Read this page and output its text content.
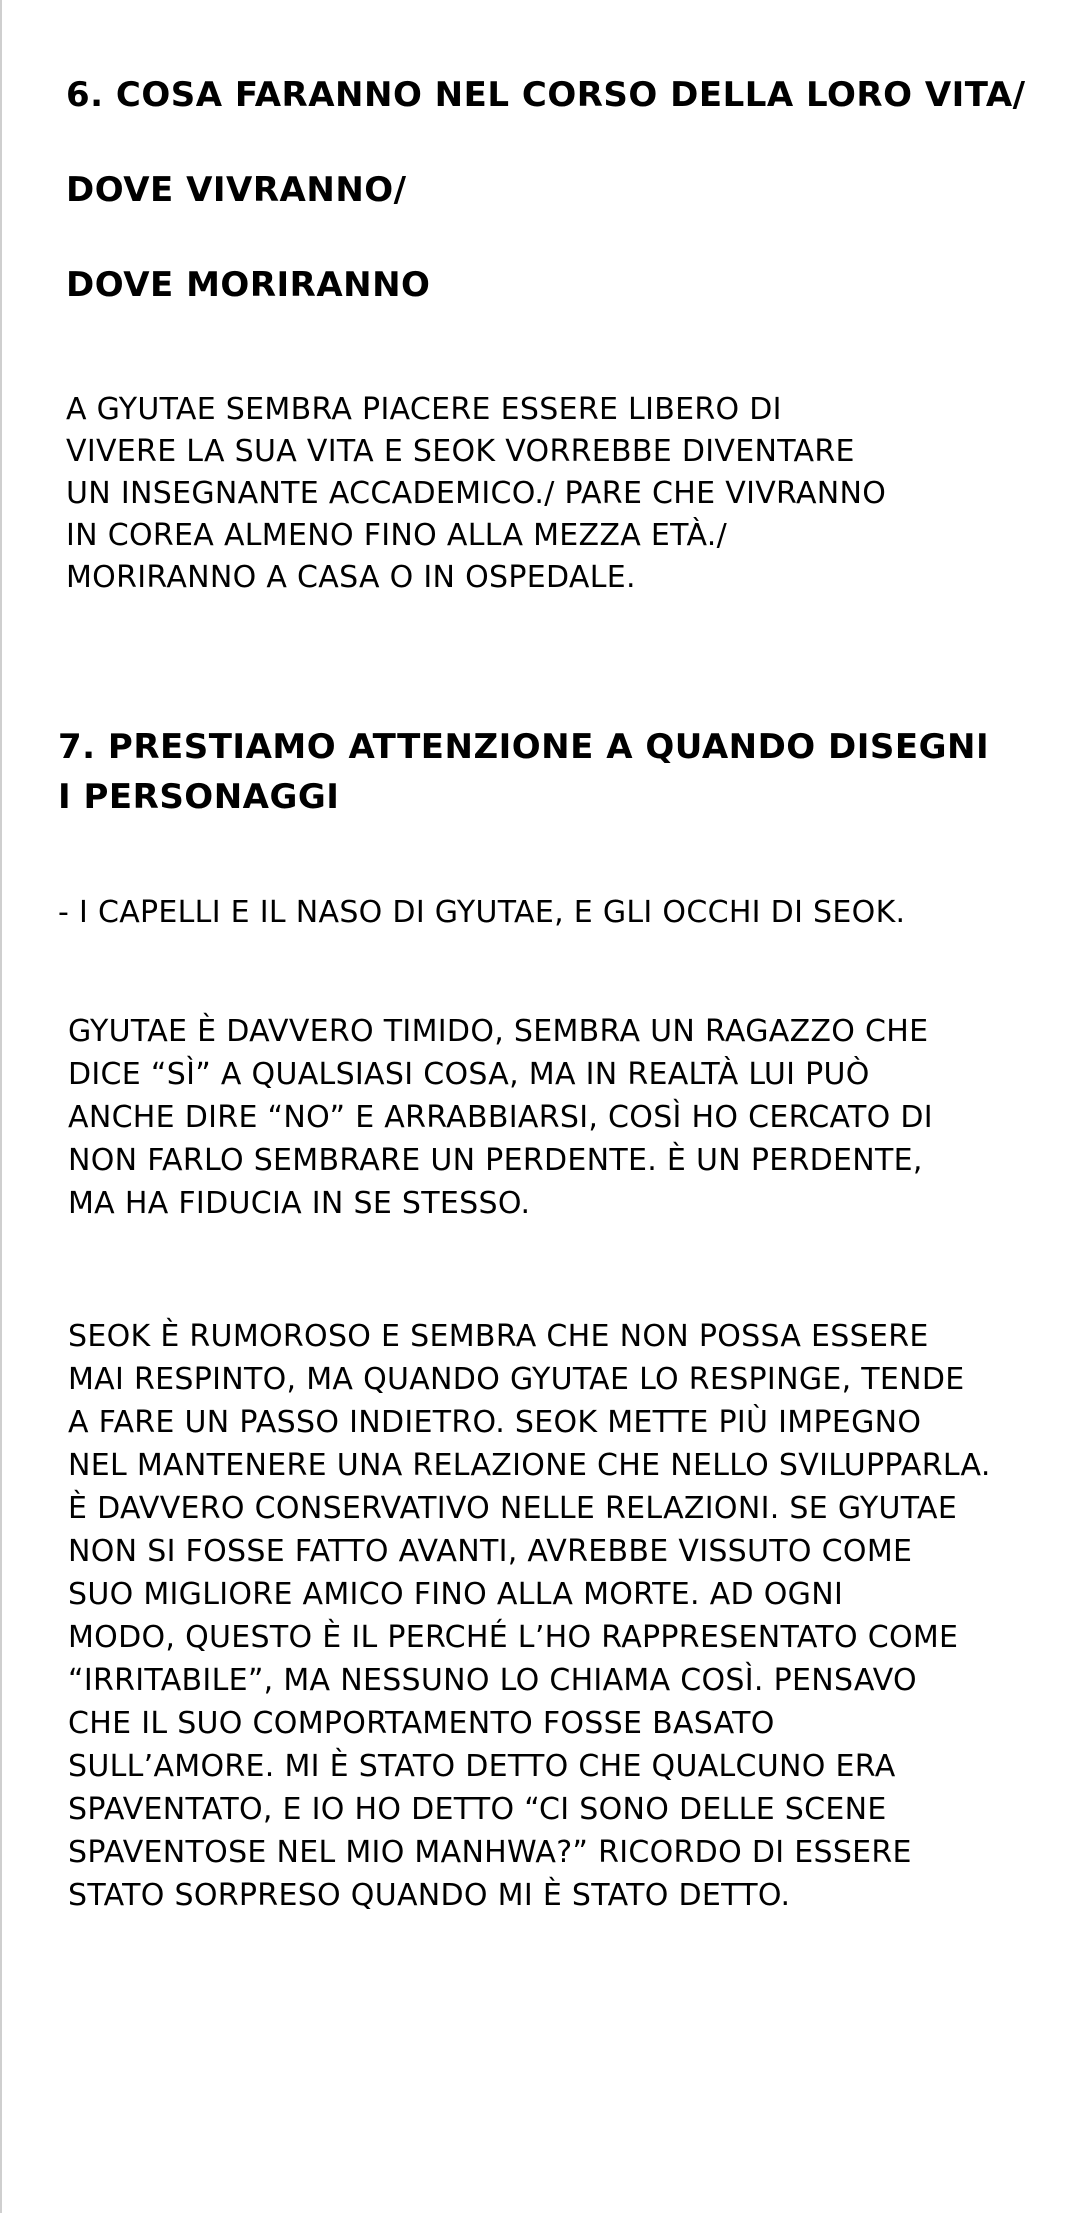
6. COSA FARANNO NEL CORSO DELLA LORO VITA/
DOVE VIVRANNO/
DOVE MORIRANNO
A GYUTAE SEMBRA PIACERE ESSERE LIBERO DI
VIVERE LA SUA VITA E SEOK VORREBBE DIVENTARE
UN INSEGNANTE ACCADEMICO./ PARE CHE VIVRANNO
IN COREA ALMENO FINO ALLA MEZZA ETÀ./
MORIRANNO A CASA O IN OSPEDALE.
7. PRESTIAMO ATTENZIONE A QUANDO DISEGNI
I PERSONAGGI
- I CAPELLI E IL NASO DI GYUTAE, E GLI OCCHI DI SEOK.
GYUTAE È DAVVERO TIMIDO, SEMBRA UN RAGAZZO CHE
DICE “SÌ” A QUALSIASI COSA, MA IN REALTÀ LUI PUÒ
ANCHE DIRE “NO” E ARRABBIARSI, COSÌ HO CERCATO DI
NON FARLO SEMBRARE UN PERDENTE. È UN PERDENTE,
MA HA FIDUCIA IN SE STESSO.
SEOK È RUMOROSO E SEMBRA CHE NON POSSA ESSERE
MAI RESPINTO, MA QUANDO GYUTAE LO RESPINGE, TENDE
A FARE UN PASSO INDIETRO. SEOK METTE PIÙ IMPEGNO
NEL MANTENERE UNA RELAZIONE CHE NELLO SVILUPPARLA.
È DAVVERO CONSERVATIVO NELLE RELAZIONI. SE GYUTAE
NON SI FOSSE FATTO AVANTI, AVREBBE VISSUTO COME
SUO MIGLIORE AMICO FINO ALLA MORTE. AD OGNI
MODO, QUESTO È IL PERCHÉ L’HO RAPPRESENTATO COME
“IRRITABILE”, MA NESSUNO LO CHIAMA COSÌ. PENSAVO
CHE IL SUO COMPORTAMENTO FOSSE BASATO
SULL’AMORE. MI È STATO DETTO CHE QUALCUNO ERA
SPAVENTATO, E IO HO DETTO “CI SONO DELLE SCENE
SPAVENTOSE NEL MIO MANHWA?” RICORDO DI ESSERE
STATO SORPRESO QUANDO MI È STATO DETTO.
